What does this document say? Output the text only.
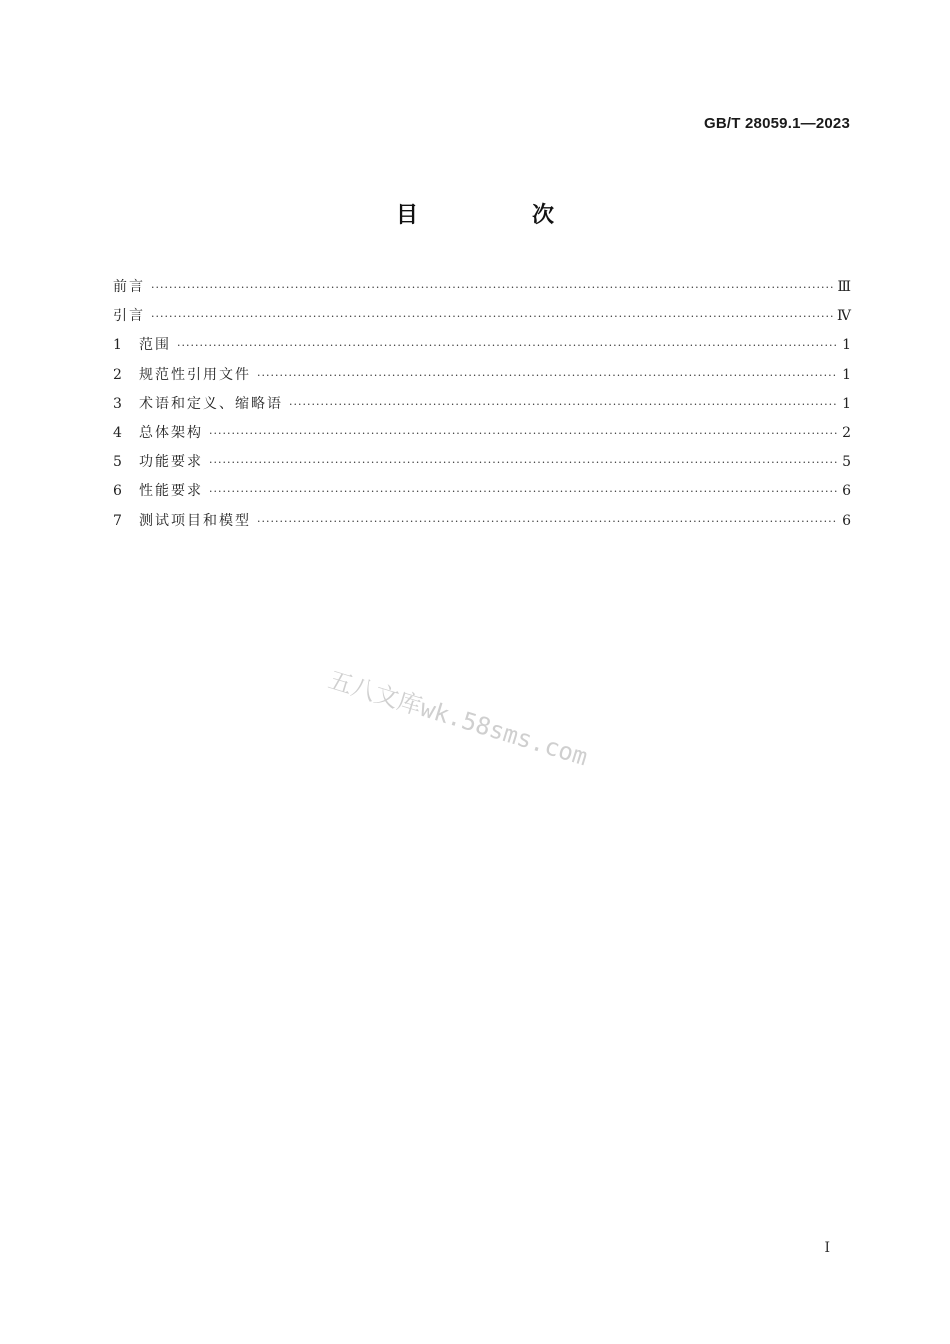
GB/T 28059.1—2023
目　次
前言 ·····	Ⅲ
引言 ·····	Ⅳ
1	范围 ·····	1
2	规范性引用文件 ·····	1
3	术语和定义、缩略语 ·····	1
4	总体架构 ·····	2
5	功能要求 ·····	5
6	性能要求 ·····	6
7	测试项目和模型 ·····	6
五八文库wk.58sms.com
I
